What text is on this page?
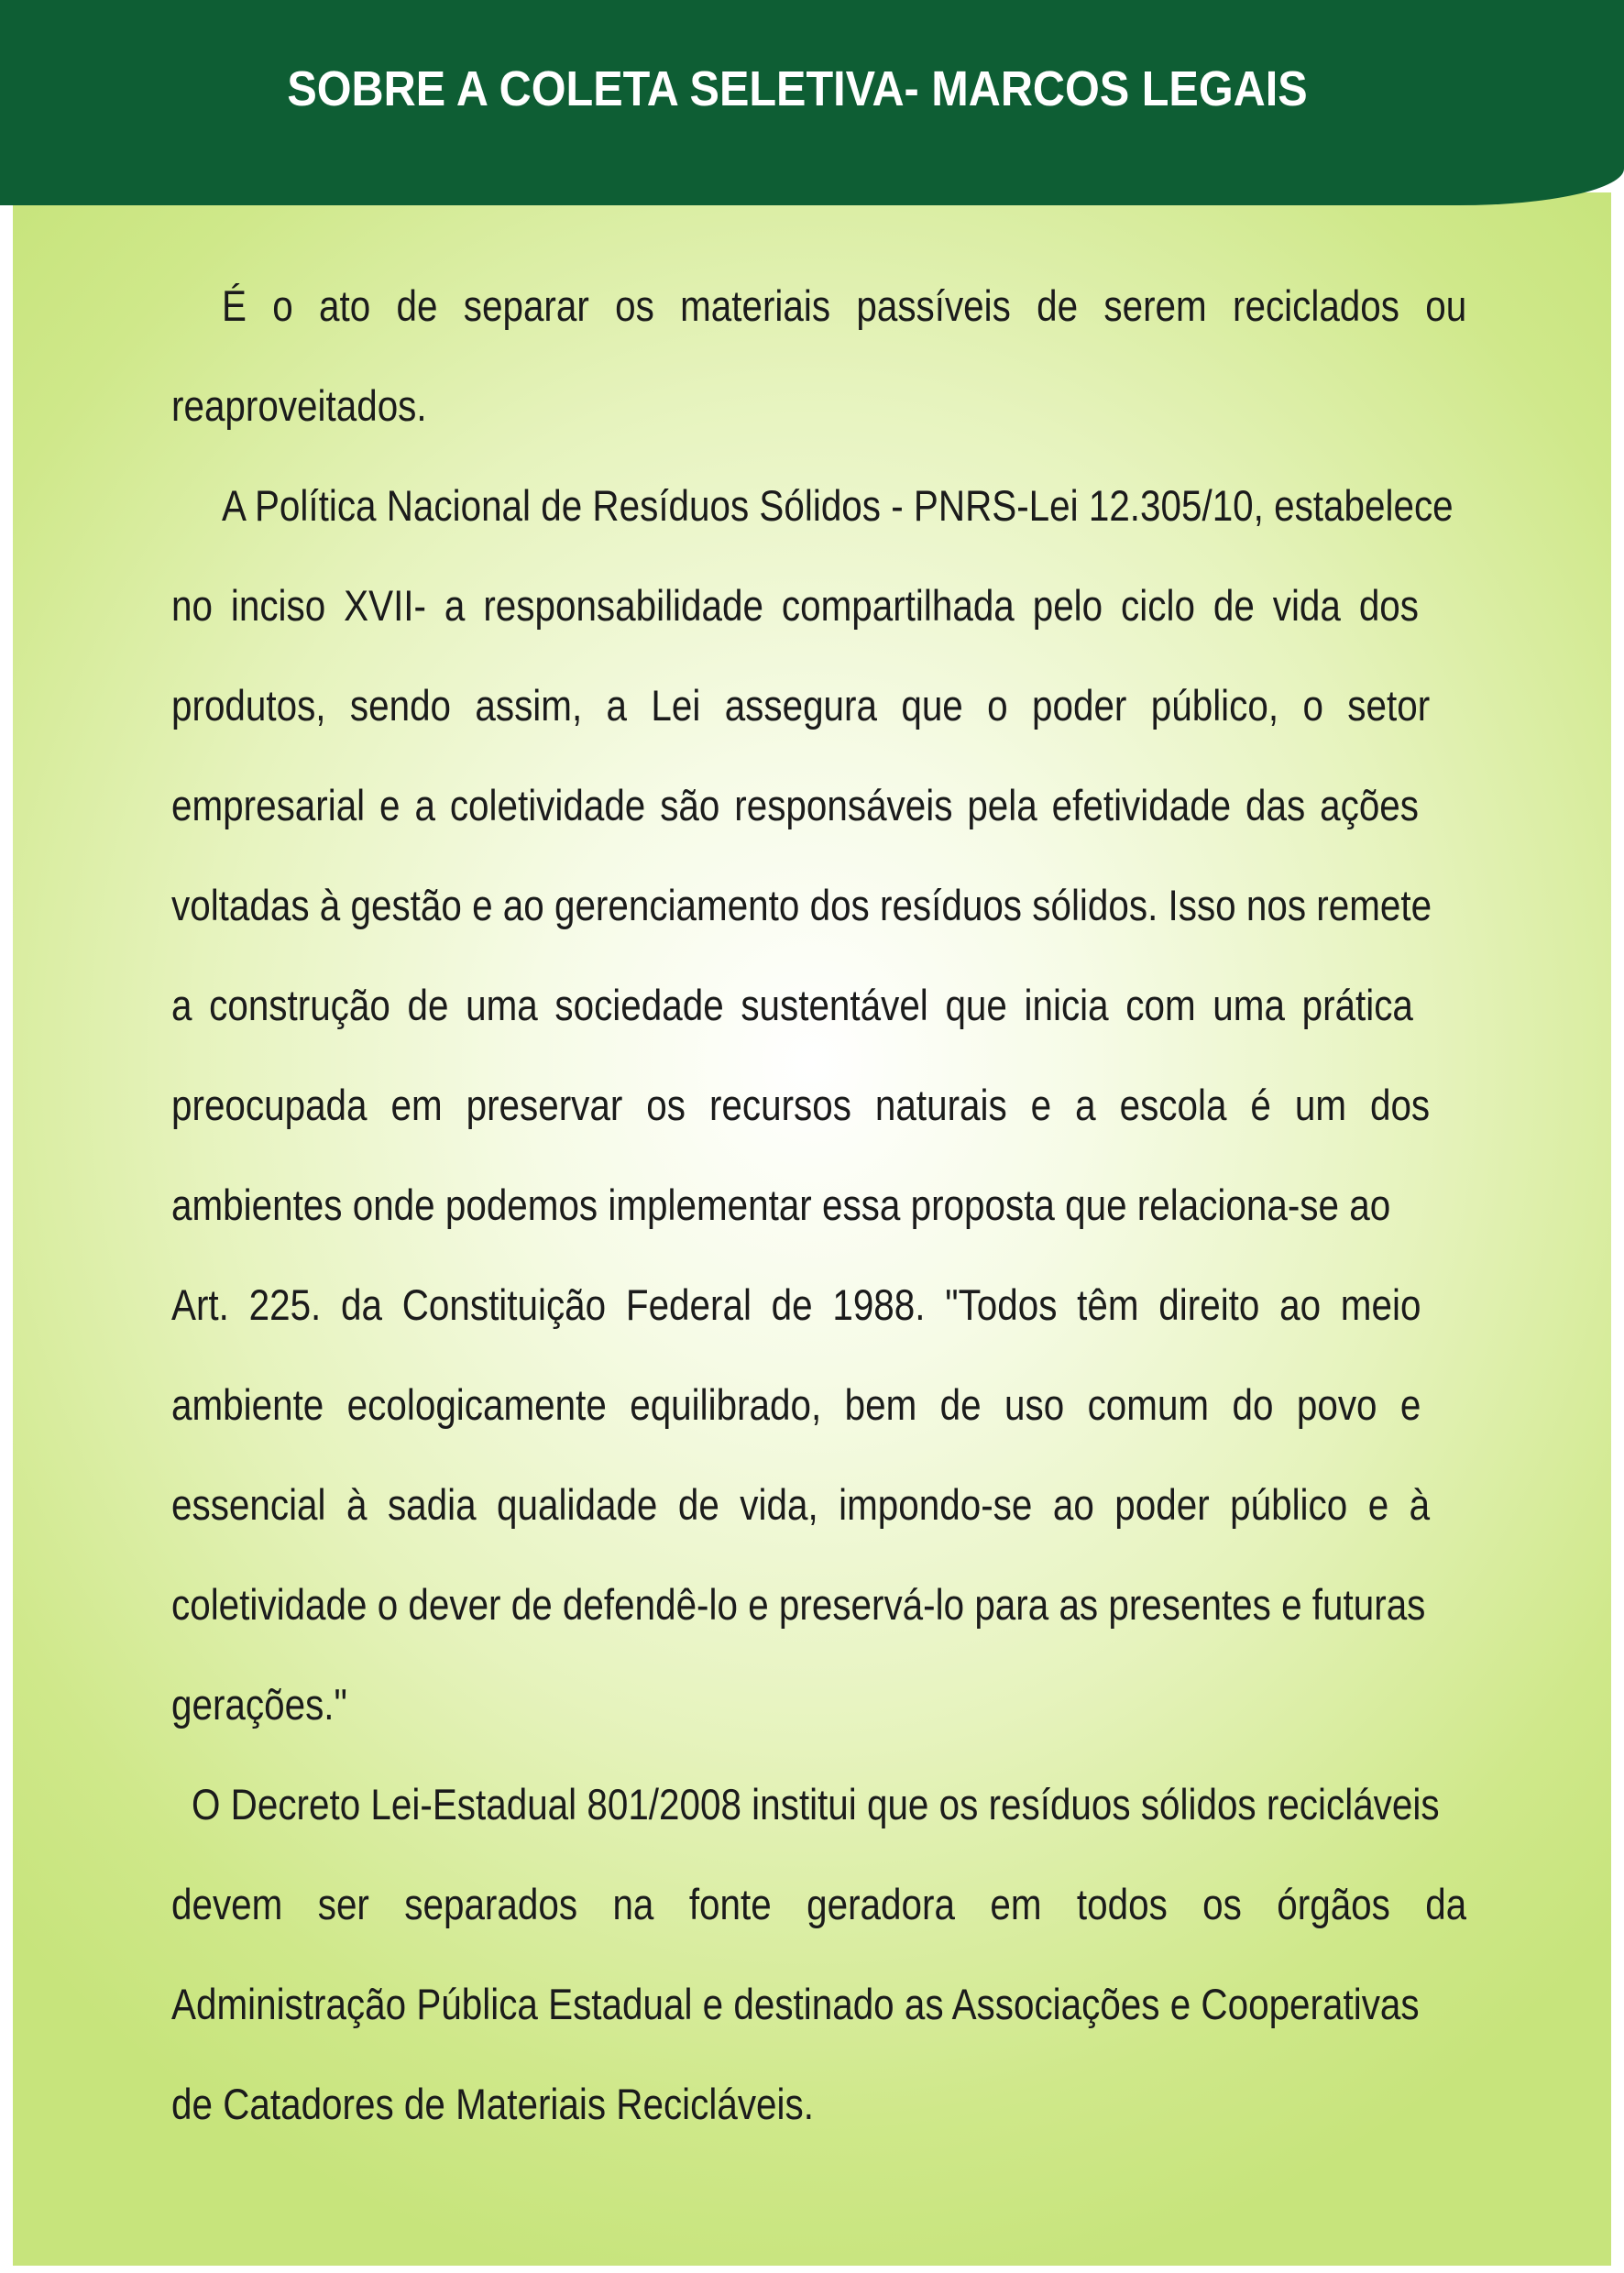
SOBRE A COLETA SELETIVA- MARCOS LEGAIS
É o ato de separar os materiais passíveis de serem reciclados ou
reaproveitados.
A Política Nacional de Resíduos Sólidos - PNRS-Lei 12.305/10, estabelece
no inciso XVII- a responsabilidade compartilhada pelo ciclo de vida dos
produtos, sendo assim, a Lei assegura que o poder público, o setor
empresarial e a coletividade são responsáveis pela efetividade das ações
voltadas à gestão e ao gerenciamento dos resíduos sólidos. Isso nos remete
a construção de uma sociedade sustentável que inicia com uma prática
preocupada em preservar os recursos naturais e a escola é um dos
ambientes onde podemos implementar essa proposta que relaciona-se ao
Art. 225. da Constituição Federal de 1988. "Todos têm direito ao meio
ambiente ecologicamente equilibrado, bem de uso comum do povo e
essencial à sadia qualidade de vida, impondo-se ao poder público e à
coletividade o dever de defendê-lo e preservá-lo para as presentes e futuras
gerações."
O Decreto Lei-Estadual 801/2008 institui que os resíduos sólidos recicláveis
devem ser separados na fonte geradora em todos os órgãos da
Administração Pública Estadual e destinado as Associações e Cooperativas
de Catadores de Materiais Recicláveis.
